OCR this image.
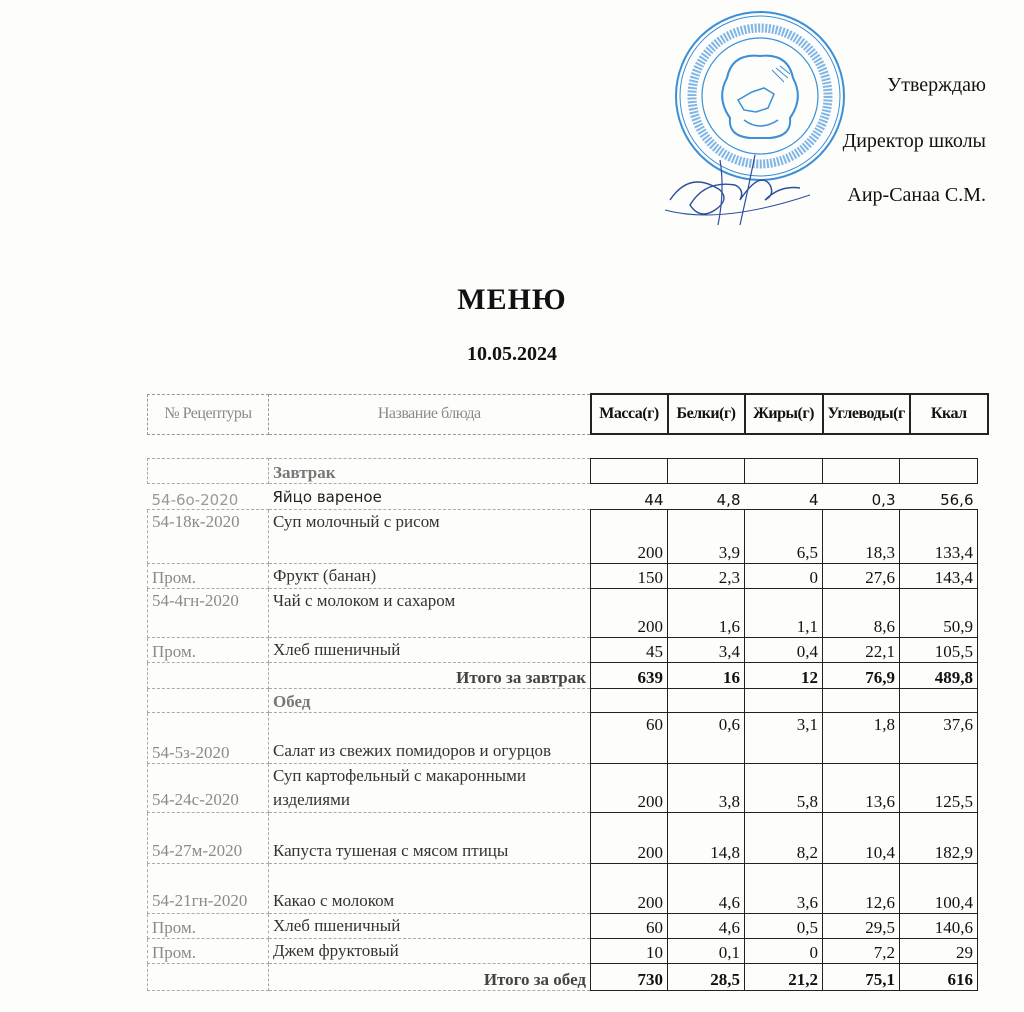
Утверждаю
Директор школы
Аир-Санаа С.М.
МЕНЮ
10.05.2024
№ Рецептуры	Название блюда	Масса(г)	Белки(г)	Жиры(г)	Углеводы(г	Ккал
	Завтрак					
54-6о-2020	Яйцо вареное	44	4,8	4	0,3	56,6
54-18к-2020	Суп молочный с рисом	200	3,9	6,5	18,3	133,4
Пром.	Фрукт (банан)	150	2,3	0	27,6	143,4
54-4гн-2020	Чай с молоком и сахаром	200	1,6	1,1	8,6	50,9
Пром.	Хлеб пшеничный	45	3,4	0,4	22,1	105,5
	Итого за завтрак	639	16	12	76,9	489,8
	Обед					
54-5з-2020	Салат из свежих помидоров и огурцов	60	0,6	3,1	1,8	37,6
54-24с-2020	Суп картофельный с макаронными изделиями	200	3,8	5,8	13,6	125,5
54-27м-2020	Капуста тушеная с мясом птицы	200	14,8	8,2	10,4	182,9
54-21гн-2020	Какао с молоком	200	4,6	3,6	12,6	100,4
Пром.	Хлеб пшеничный	60	4,6	0,5	29,5	140,6
Пром.	Джем фруктовый	10	0,1	0	7,2	29
	Итого за обед	730	28,5	21,2	75,1	616
